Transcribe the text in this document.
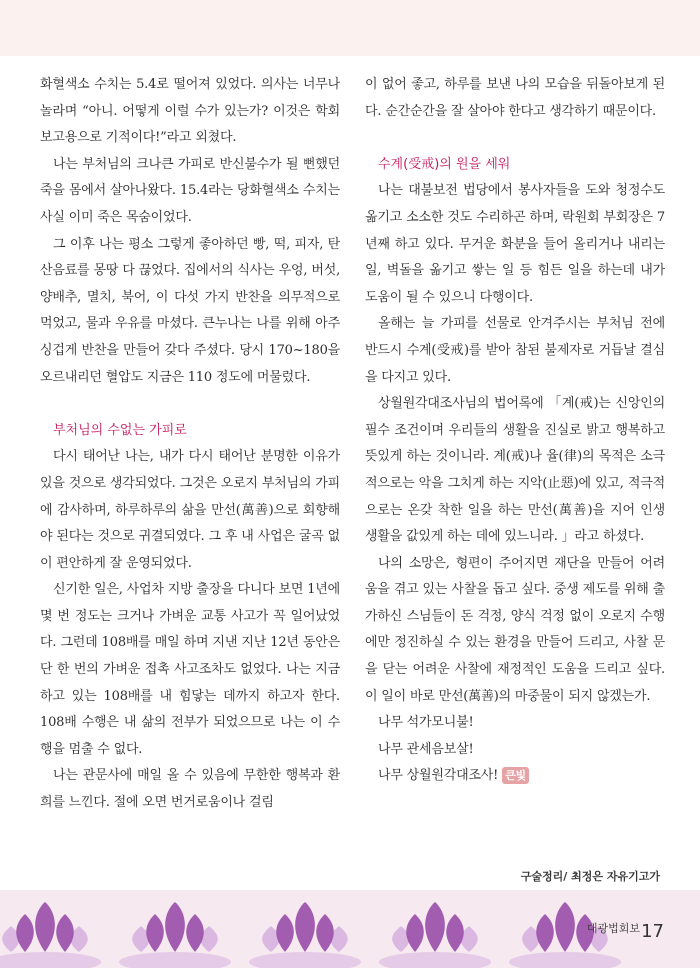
화혈색소 수치는 5.4로 떨어져 있었다. 의사는 너무나 놀라며 “아니. 어떻게 이럴 수가 있는가? 이것은 학회 보고용으로 기적이다!”라고 외쳤다.

나는 부처님의 크나큰 가피로 반신불수가 될 뻔했던 죽을 몸에서 살아나왔다. 15.4라는 당화혈색소 수치는 사실 이미 죽은 목숨이었다.

그 이후 나는 평소 그렇게 좋아하던 빵, 떡, 피자, 탄산음료를 몽땅 다 끊었다. 집에서의 식사는 우엉, 버섯, 양배추, 멸치, 북어, 이 다섯 가지 반찬을 의무적으로 먹었고, 물과 우유를 마셨다. 큰누나는 나를 위해 아주 싱겁게 반찬을 만들어 갖다 주셨다. 당시 170~180을 오르내리던 혈압도 지금은 110 정도에 머물렀다.

부처님의 수없는 가피로

다시 태어난 나는, 내가 다시 태어난 분명한 이유가 있을 것으로 생각되었다. 그것은 오로지 부처님의 가피에 감사하며, 하루하루의 삶을 만선(萬善)으로 회향해야 된다는 것으로 귀결되였다. 그 후 내 사업은 굴곡 없이 편안하게 잘 운영되었다.

신기한 일은, 사업차 지방 출장을 다니다 보면 1년에 몇 번 정도는 크거나 가벼운 교통 사고가 꼭 일어났었다. 그런데 108배를 매일 하며 지낸 지난 12년 동안은 단 한 번의 가벼운 접촉 사고조차도 없었다. 나는 지금하고 있는 108배를 내 힘닿는 데까지 하고자 한다. 108배 수행은 내 삶의 전부가 되었으므로 나는 이 수행을 멈출 수 없다.

나는 관문사에 매일 올 수 있음에 무한한 행복과 환희를 느낀다. 절에 오면 번거로움이나 걸림

이 없어 좋고, 하루를 보낸 나의 모습을 뒤돌아보게 된다. 순간순간을 잘 살아야 한다고 생각하기 때문이다.

수계(受戒)의 원을 세워

나는 대불보전 법당에서 봉사자들을 도와 청정수도 옮기고 소소한 것도 수리하곤 하며, 락원회 부회장은 7년째 하고 있다. 무거운 화분을 들어 올리거나 내리는 일, 벽돌을 옮기고 쌓는 일 등 힘든 일을 하는데 내가 도움이 될 수 있으니 다행이다.

올해는 늘 가피를 선물로 안겨주시는 부처님 전에 반드시 수계(受戒)를 받아 참된 불제자로 거듭날 결심을 다지고 있다.

상월원각대조사님의 법어록에 「계(戒)는 신앙인의 필수 조건이며 우리들의 생활을 진실로 밝고 행복하고 뜻있게 하는 것이니라. 계(戒)나 율(律)의 목적은 소극적으로는 악을 그치게 하는 지악(止惡)에 있고, 적극적으로는 온갖 착한 일을 하는 만선(萬善)을 지어 인생 생활을 값있게 하는 데에 있느니라. 」라고 하셨다.

나의 소망은, 형편이 주어지면 재단을 만들어 어려움을 겪고 있는 사찰을 돕고 싶다. 중생 제도를 위해 출가하신 스님들이 돈 걱정, 양식 걱정 없이 오로지 수행에만 정진하실 수 있는 환경을 만들어 드리고, 사찰 문을 닫는 어려운 사찰에 재정적인 도움을 드리고 싶다. 이 일이 바로 만선(萬善)의 마중물이 되지 않겠는가.

나무 석가모니불!

나무 관세음보살!

나무 상월원각대조사! 큰빛

구술정리/ 최정은 자유기고가
대광법회보 17
